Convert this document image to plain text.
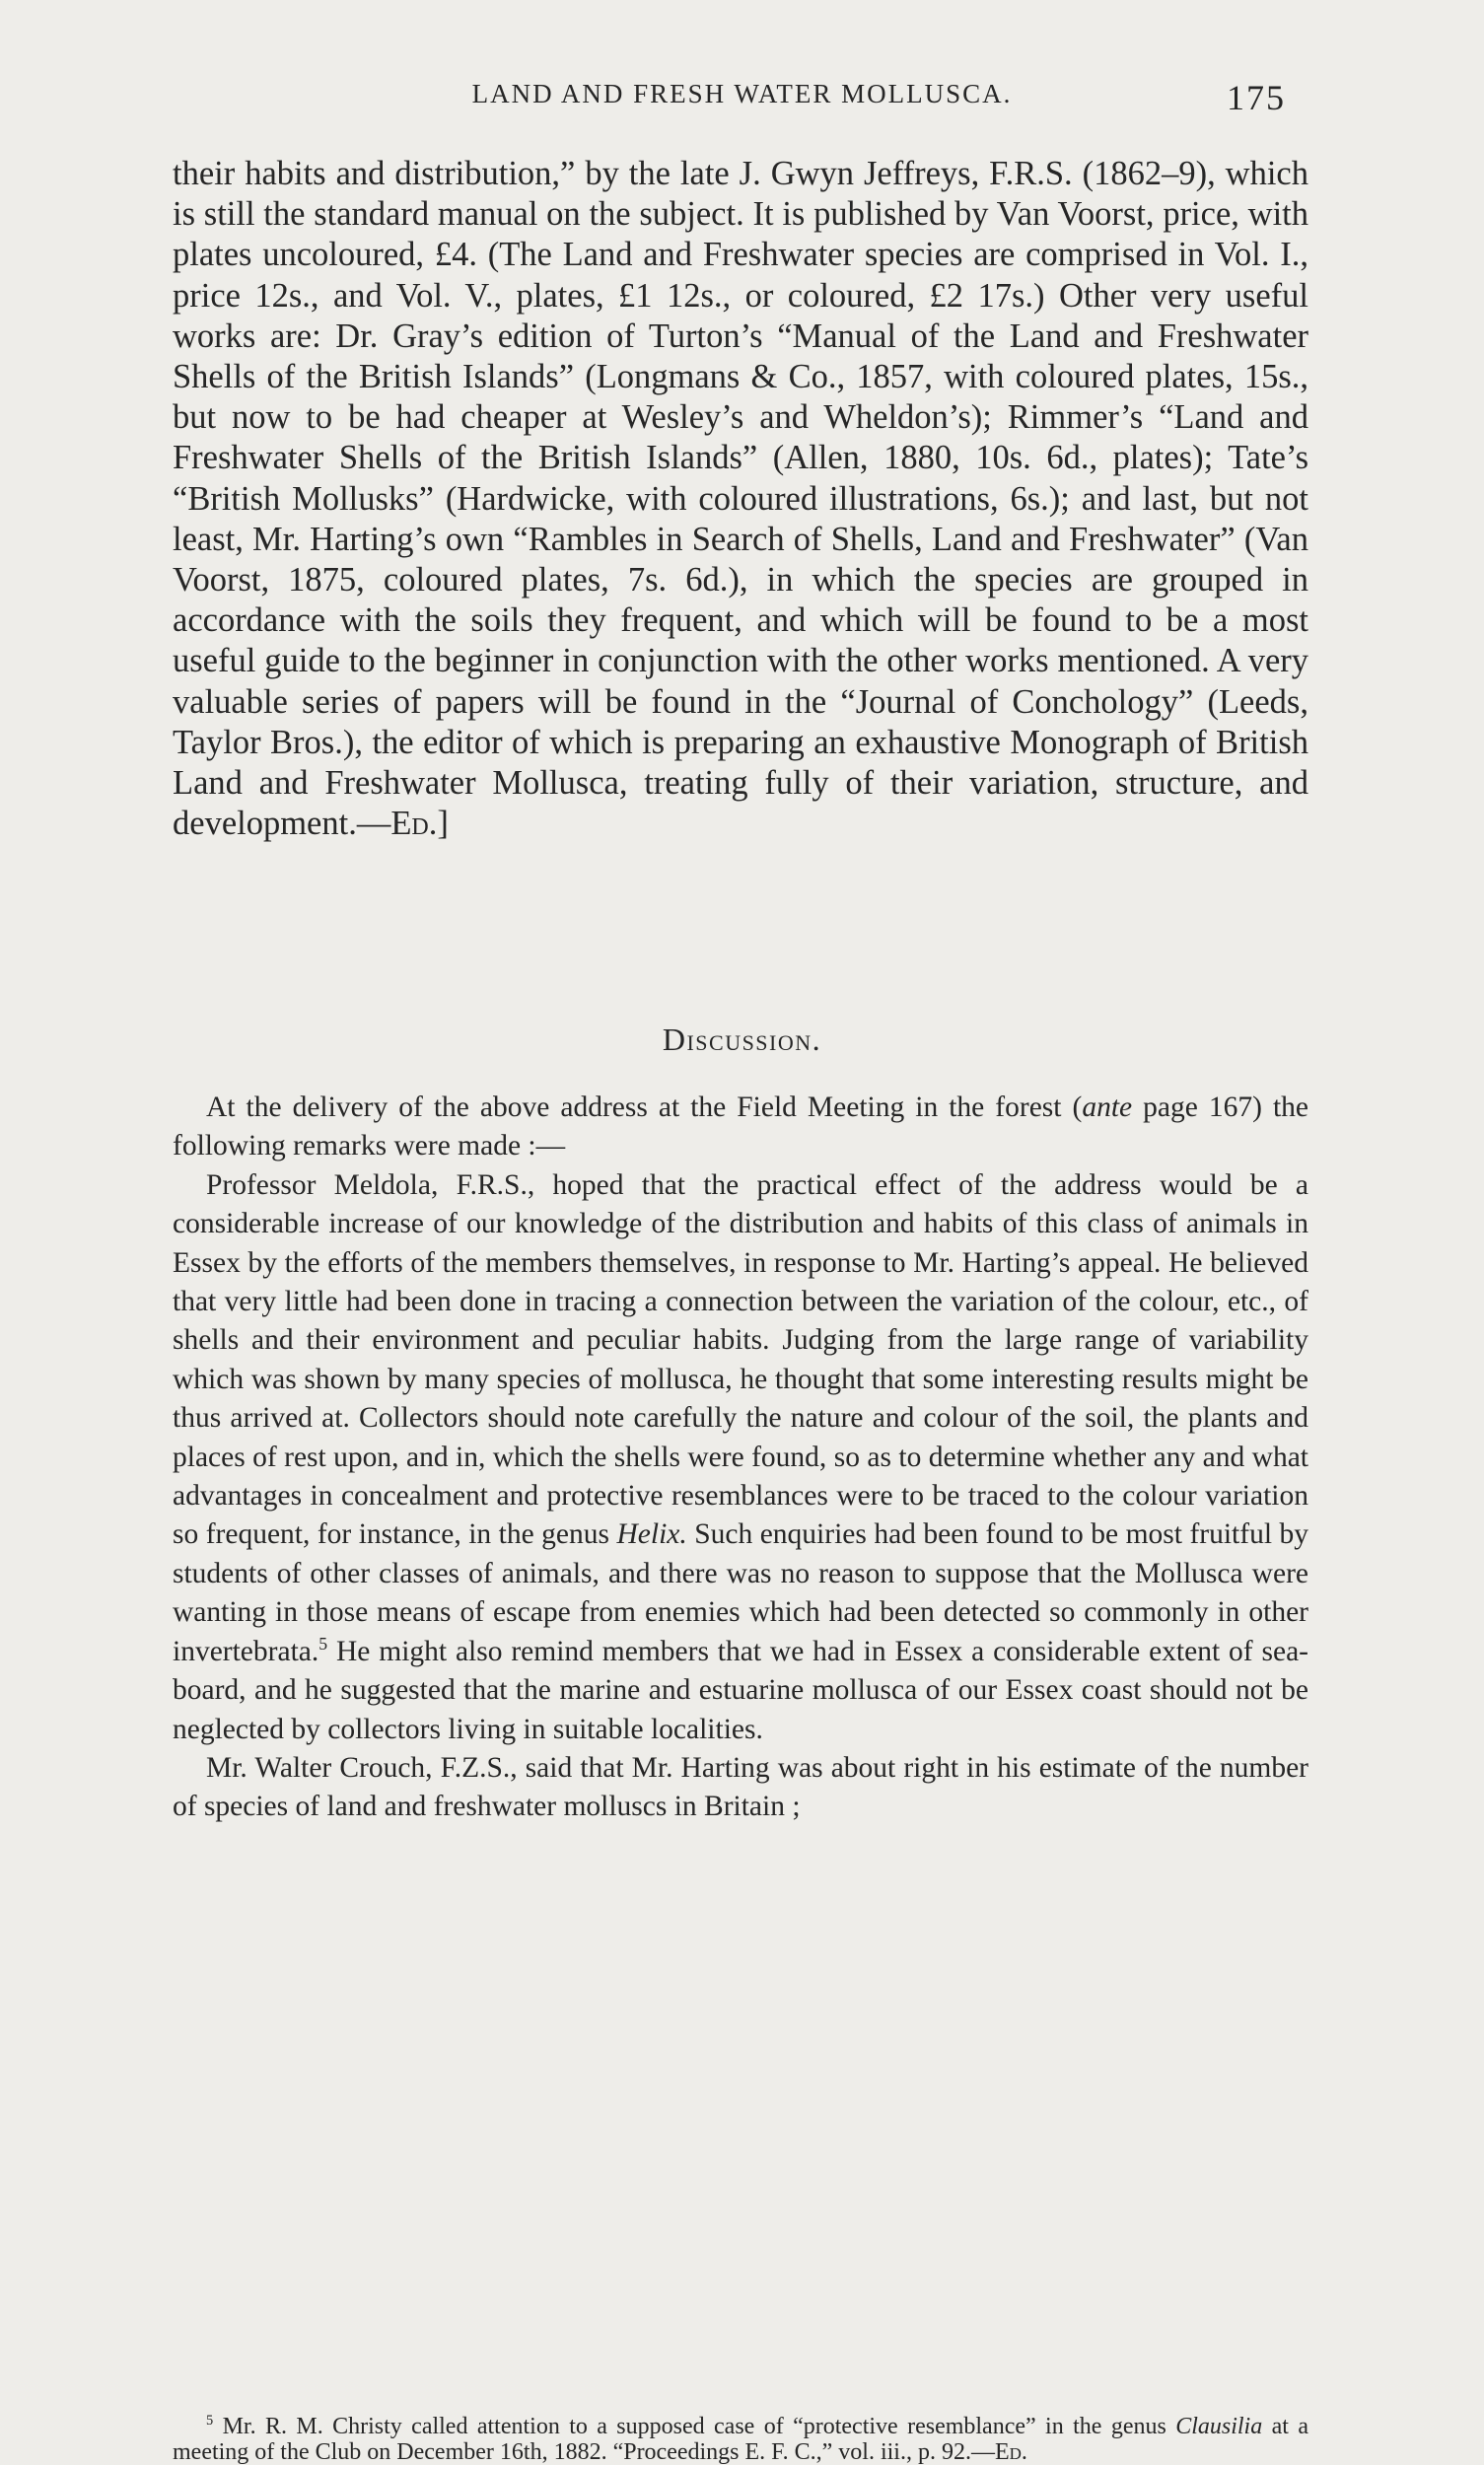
LAND AND FRESH WATER MOLLUSCA.	175

their habits and distribution,” by the late J. Gwyn Jeffreys, F.R.S. (1862–9), which is still the standard manual on the subject. It is published by Van Voorst, price, with plates uncoloured, £4. (The Land and Freshwater species are comprised in Vol. I., price 12s., and Vol. V., plates, £1 12s., or coloured, £2 17s.) Other very useful works are: Dr. Gray’s edition of Turton’s “Manual of the Land and Freshwater Shells of the British Islands” (Longmans & Co., 1857, with coloured plates, 15s., but now to be had cheaper at Wesley’s and Wheldon’s); Rimmer’s “Land and Freshwater Shells of the British Islands” (Allen, 1880, 10s. 6d., plates); Tate’s “British Mollusks” (Hardwicke, with coloured illustrations, 6s.); and last, but not least, Mr. Harting’s own “Rambles in Search of Shells, Land and Freshwater” (Van Voorst, 1875, coloured plates, 7s. 6d.), in which the species are grouped in accordance with the soils they frequent, and which will be found to be a most useful guide to the beginner in conjunction with the other works mentioned. A very valuable series of papers will be found in the “Journal of Conchology” (Leeds, Taylor Bros.), the editor of which is preparing an exhaustive Monograph of British Land and Freshwater Mollusca, treating fully of their variation, structure, and development.—Ed.]

Discussion.

At the delivery of the above address at the Field Meeting in the forest (ante page 167) the following remarks were made :—

Professor Meldola, F.R.S., hoped that the practical effect of the address would be a considerable increase of our knowledge of the distribution and habits of this class of animals in Essex by the efforts of the members themselves, in response to Mr. Harting’s appeal. He believed that very little had been done in tracing a connection between the variation of the colour, etc., of shells and their environment and peculiar habits. Judging from the large range of variability which was shown by many species of mollusca, he thought that some interesting results might be thus arrived at. Collectors should note carefully the nature and colour of the soil, the plants and places of rest upon, and in, which the shells were found, so as to determine whether any and what advantages in concealment and protective resemblances were to be traced to the colour variation so frequent, for instance, in the genus Helix. Such enquiries had been found to be most fruitful by students of other classes of animals, and there was no reason to suppose that the Mollusca were wanting in those means of escape from enemies which had been detected so commonly in other invertebrata.$^5$ He might also remind members that we had in Essex a considerable extent of sea-board, and he suggested that the marine and estuarine mollusca of our Essex coast should not be neglected by collectors living in suitable localities.

Mr. Walter Crouch, F.Z.S., said that Mr. Harting was about right in his estimate of the number of species of land and freshwater molluscs in Britain ;

$^5$ Mr. R. M. Christy called attention to a supposed case of “protective resemblance” in the genus Clausilia at a meeting of the Club on December 16th, 1882. “Proceedings E. F. C.,” vol. iii., p. 92.—Ed.
